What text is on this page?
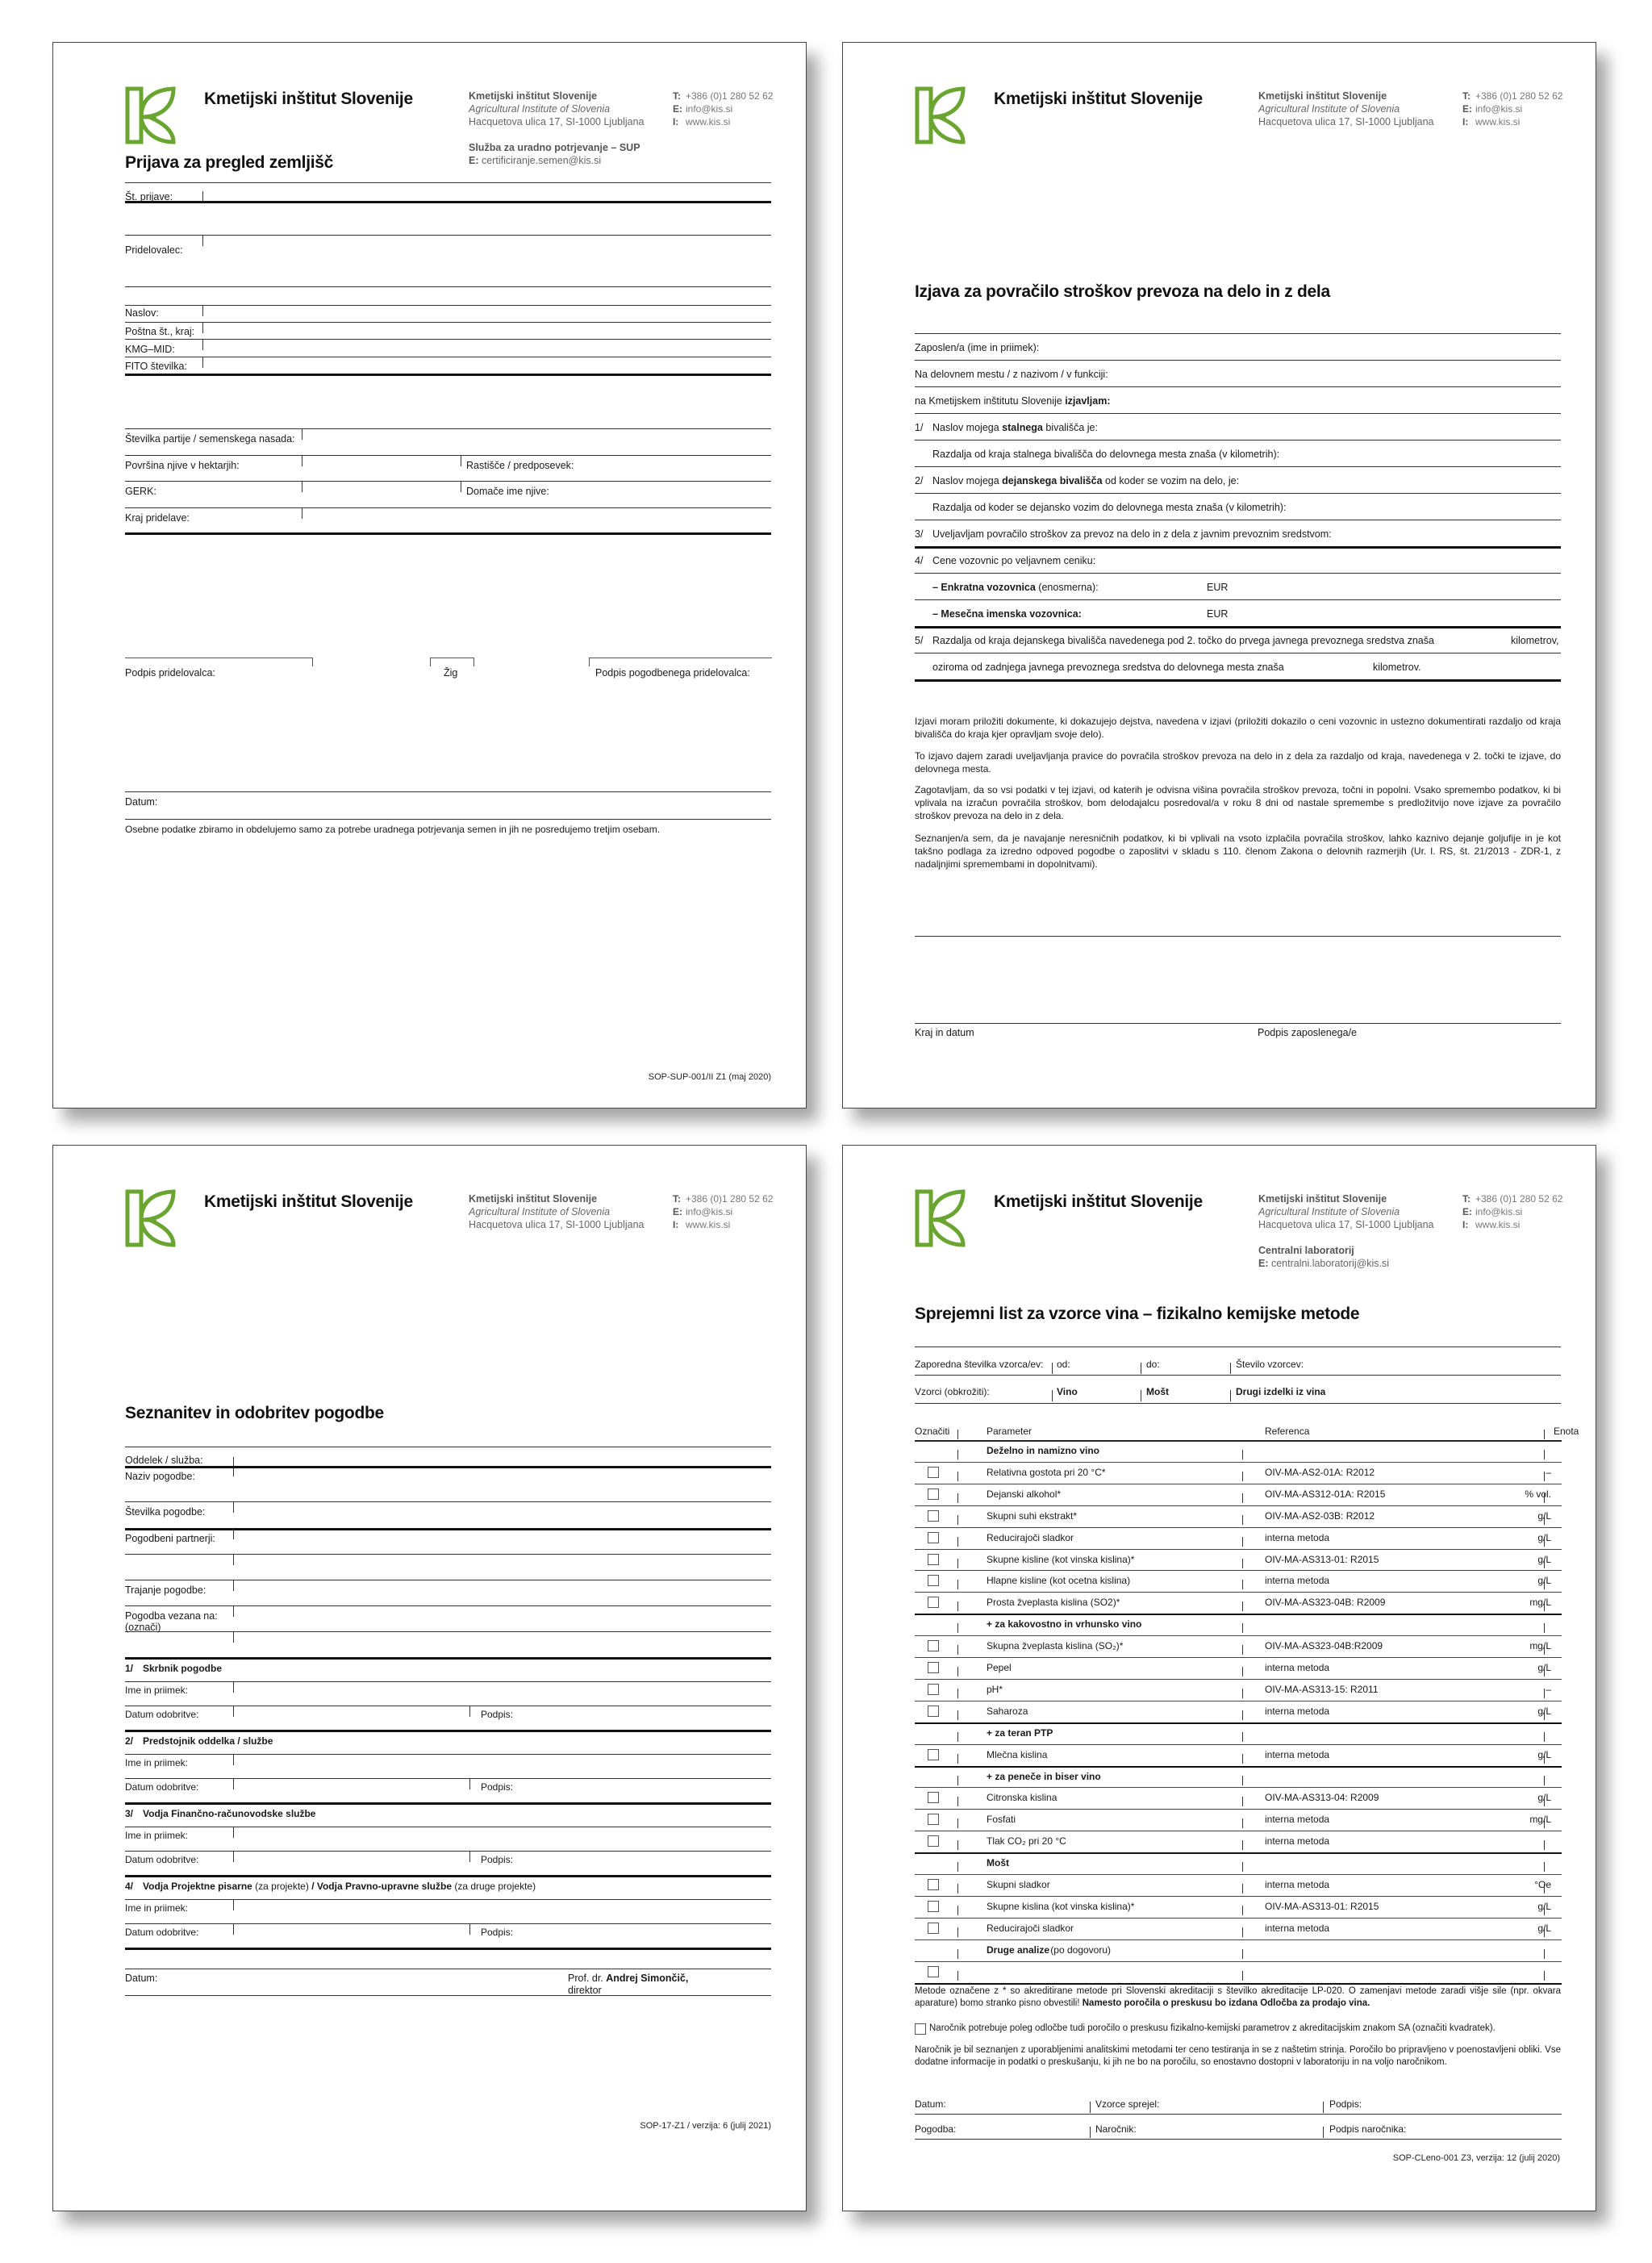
Kmetijski inštitut Slovenije	Kmetijski inštitut Slovenije
Agricultural Institute of Slovenia
Hacquetova ulica 17, SI-1000 Ljubljana
T: +386 (0)1 280 52 62
E: info@kis.si
I: www.kis.si
Služba za uradno potrjevanje – SUP
E: certificiranje.semen@kis.si
Prijava za pregled zemljišč
Št. prijave:
Pridelovalec:
Naslov:
Poštna št., kraj:
KMG–MID:
FITO številka:
Številka partije / semenskega nasada:
Površina njive v hektarjih:	Rastišče / predposevek:
GERK:	Domače ime njive:
Kraj pridelave:
Podpis pridelovalca:	Žig	Podpis pogodbenega pridelovalca:
Datum:
Osebne podatke zbiramo in obdelujemo samo za potrebe uradnega potrjevanja semen in jih ne posredujemo tretjim osebam.
SOP-SUP-001/II Z1 (maj 2020)
Kmetijski inštitut Slovenije	Kmetijski inštitut Slovenije
Agricultural Institute of Slovenia
Hacquetova ulica 17, SI-1000 Ljubljana
T: +386 (0)1 280 52 62
E: info@kis.si
I: www.kis.si
Izjava za povračilo stroškov prevoza na delo in z dela
Zaposlen/a (ime in priimek):
Na delovnem mestu / z nazivom / v funkciji:
na Kmetijskem inštitutu Slovenije izjavljam:
1/ Naslov mojega stalnega bivališča je:
Razdalja od kraja stalnega bivališča do delovnega mesta znaša (v kilometrih):
2/ Naslov mojega dejanskega bivališča od koder se vozim na delo, je:
Razdalja od koder se dejansko vozim do delovnega mesta znaša (v kilometrih):
3/ Uveljavljam povračilo stroškov za prevoz na delo in z dela z javnim prevoznim sredstvom:
4/ Cene vozovnic po veljavnem ceniku:
– Enkratna vozovnica (enosmerna):	EUR
– Mesečna imenska vozovnica:	EUR
5/ Razdalja od kraja dejanskega bivališča navedenega pod 2. točko do prvega javnega prevoznega sredstva znaša	kilometrov,
oziroma od zadnjega javnega prevoznega sredstva do delovnega mesta znaša	kilometrov.
Izjavi moram priložiti dokumente, ki dokazujejo dejstva, navedena v izjavi (priložiti dokazilo o ceni vozovnic in ustezno dokumentirati razdaljo od kraja bivališča do kraja kjer opravljam svoje delo).
To izjavo dajem zaradi uveljavljanja pravice do povračila stroškov prevoza na delo in z dela za razdaljo od kraja, navedenega v 2. točki te izjave, do delovnega mesta.
Zagotavljam, da so vsi podatki v tej izjavi, od katerih je odvisna višina povračila stroškov prevoza, točni in popolni. Vsako spremembo podatkov, ki bi vplivala na izračun povračila stroškov, bom delodajalcu posredoval/a v roku 8 dni od nastale spremembe s predložitvijo nove izjave za povračilo stroškov prevoza na delo in z dela.
Seznanjen/a sem, da je navajanje neresničnih podatkov, ki bi vplivali na vsoto izplačila povračila stroškov, lahko kaznivo dejanje goljufije in je kot takšno podlaga za izredno odpoved pogodbe o zaposlitvi v skladu s 110. členom Zakona o delovnih razmerjih (Ur. l. RS, št. 21/2013 - ZDR-1, z nadaljnjimi spremembami in dopolnitvami).
Kraj in datum	Podpis zaposlenega/e
Kmetijski inštitut Slovenije	Kmetijski inštitut Slovenije
Agricultural Institute of Slovenia
Hacquetova ulica 17, SI-1000 Ljubljana
T: +386 (0)1 280 52 62
E: info@kis.si
I: www.kis.si
Seznanitev in odobritev pogodbe
Oddelek / služba:
Naziv pogodbe:
Številka pogodbe:
Pogodbeni partnerji:
Trajanje pogodbe:
Pogodba vezana na:
(označi)
1/ Skrbnik pogodbe
Ime in priimek:
Datum odobritve:	Podpis:
2/ Predstojnik oddelka / službe
Ime in priimek:
Datum odobritve:	Podpis:
3/ Vodja Finančno-računovodske službe
Ime in priimek:
Datum odobritve:	Podpis:
4/ Vodja Projektne pisarne (za projekte) / Vodja Pravno-upravne službe (za druge projekte)
Ime in priimek:
Datum odobritve:	Podpis:
Datum:	Prof. dr. Andrej Simončič,
direktor
SOP-17-Z1 / verzija: 6 (julij 2021)
Kmetijski inštitut Slovenije	Kmetijski inštitut Slovenije
Agricultural Institute of Slovenia
Hacquetova ulica 17, SI-1000 Ljubljana
T: +386 (0)1 280 52 62
E: info@kis.si
I: www.kis.si
Centralni laboratorij
E: centralni.laboratorij@kis.si
Sprejemni list za vzorce vina – fizikalno kemijske metode
Zaporedna številka vzorca/ev: od:	do:	Število vzorcev:
Vzorci (obkrožiti):	Vino	Mošt	Drugi izdelki iz vina
Označiti	Parameter	Referenca	Enota
Deželno in namizno vino
Relativna gostota pri 20 °C*	OIV-MA-AS2-01A: R2012	–
Dejanski alkohol*	OIV-MA-AS312-01A: R2015	% vol.
Skupni suhi ekstrakt*	OIV-MA-AS2-03B: R2012	g/L
Reducirajoči sladkor	interna metoda	g/L
Skupne kisline (kot vinska kislina)*	OIV-MA-AS313-01: R2015	g/L
Hlapne kisline (kot ocetna kislina)	interna metoda	g/L
Prosta žveplasta kislina (SO2)*	OIV-MA-AS323-04B: R2009	mg/L
+ za kakovostno in vrhunsko vino
Skupna žveplasta kislina (SO₂)*	OIV-MA-AS323-04B:R2009	mg/L
Pepel	interna metoda	g/L
pH*	OIV-MA-AS313-15: R2011	–
Saharoza	interna metoda	g/L
+ za teran PTP
Mlečna kislina	interna metoda	g/L
+ za peneče in biser vino
Citronska kislina	OIV-MA-AS313-04: R2009	g/L
Fosfati	interna metoda	mg/L
Tlak CO₂ pri 20 °C	interna metoda
Mošt
Skupni sladkor	interna metoda	°Oe
Skupne kislina (kot vinska kislina)*	OIV-MA-AS313-01: R2015	g/L
Reducirajoči sladkor	interna metoda	g/L
Druge analize (po dogovoru)
Metode označene z * so akreditirane metode pri Slovenski akreditaciji s številko akreditacije LP-020. O zamenjavi metode zaradi višje sile (npr. okvara aparature) bomo stranko pisno obvestili! Namesto poročila o preskusu bo izdana Odločba za prodajo vina.
Naročnik potrebuje poleg odločbe tudi poročilo o preskusu fizikalno-kemijski parametrov z akreditacijskim znakom SA (označiti kvadratek).
Naročnik je bil seznanjen z uporabljenimi analitskimi metodami ter ceno testiranja in se z naštetim strinja. Poročilo bo pripravljeno v poenostavljeni obliki. Vse dodatne informacije in podatki o preskušanju, ki jih ne bo na poročilu, so enostavno dostopni v laboratoriju in na voljo naročnikom.
Datum:	Vzorce sprejel:	Podpis:
Pogodba:	Naročnik:	Podpis naročnika:
SOP-CLeno-001 Z3, verzija: 12 (julij 2020)
